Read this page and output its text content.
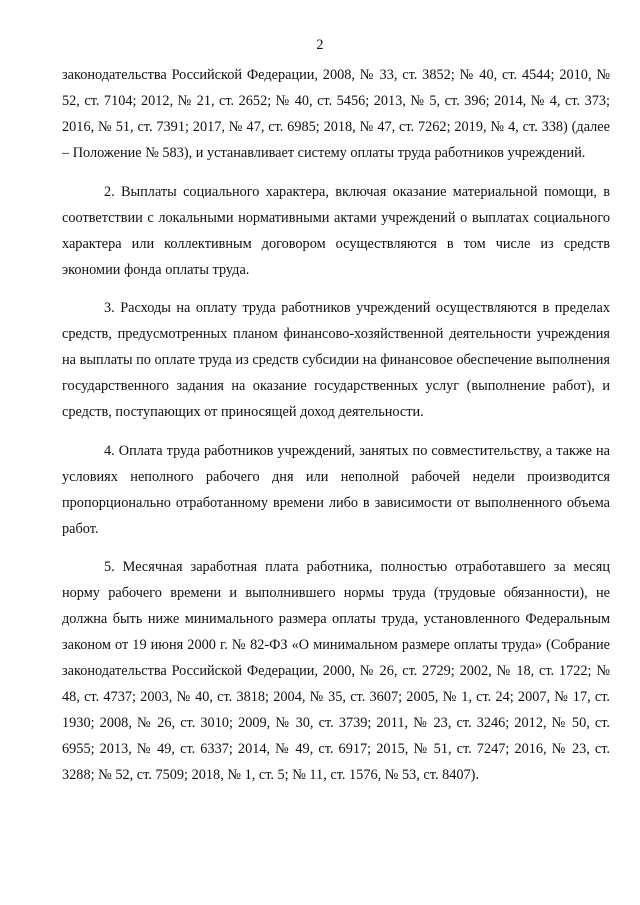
2

законодательства Российской Федерации, 2008, № 33, ст. 3852; № 40, ст. 4544; 2010, № 52, ст. 7104; 2012, № 21, ст. 2652; № 40, ст. 5456; 2013, № 5, ст. 396; 2014, № 4, ст. 373; 2016, № 51, ст. 7391; 2017, № 47, ст. 6985; 2018, № 47, ст. 7262; 2019, № 4, ст. 338) (далее – Положение № 583), и устанавливает систему оплаты труда работников учреждений.

2. Выплаты социального характера, включая оказание материальной помощи, в соответствии с локальными нормативными актами учреждений о выплатах социального характера или коллективным договором осуществляются в том числе из средств экономии фонда оплаты труда.

3. Расходы на оплату труда работников учреждений осуществляются в пределах средств, предусмотренных планом финансово-хозяйственной деятельности учреждения на выплаты по оплате труда из средств субсидии на финансовое обеспечение выполнения государственного задания на оказание государственных услуг (выполнение работ), и средств, поступающих от приносящей доход деятельности.

4. Оплата труда работников учреждений, занятых по совместительству, а также на условиях неполного рабочего дня или неполной рабочей недели производится пропорционально отработанному времени либо в зависимости от выполненного объема работ.

5. Месячная заработная плата работника, полностью отработавшего за месяц норму рабочего времени и выполнившего нормы труда (трудовые обязанности), не должна быть ниже минимального размера оплаты труда, установленного Федеральным законом от 19 июня 2000 г. № 82-ФЗ «О минимальном размере оплаты труда» (Собрание законодательства Российской Федерации, 2000, № 26, ст. 2729; 2002, № 18, ст. 1722; № 48, ст. 4737; 2003, № 40, ст. 3818; 2004, № 35, ст. 3607; 2005, № 1, ст. 24; 2007, № 17, ст. 1930; 2008, № 26, ст. 3010; 2009, № 30, ст. 3739; 2011, № 23, ст. 3246; 2012, № 50, ст. 6955; 2013, № 49, ст. 6337; 2014, № 49, ст. 6917; 2015, № 51, ст. 7247; 2016, № 23, ст. 3288; № 52, ст. 7509; 2018, № 1, ст. 5; № 11, ст. 1576, № 53, ст. 8407).
